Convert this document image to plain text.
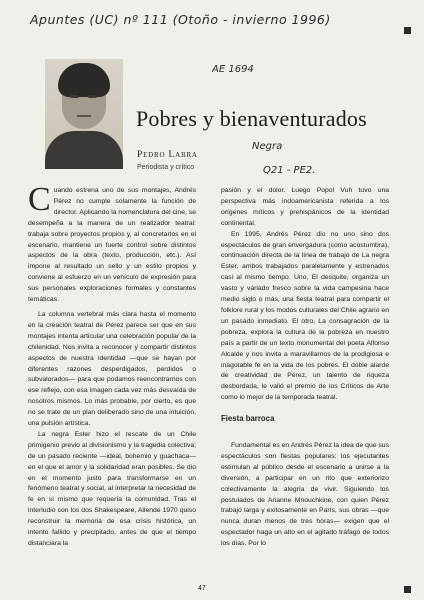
Apuntes (UC) nº 111 (Otoño - invierno 1996)
AE 1694
Pobres y bienaventurados
Pedro Labra
Periodista y crítico
Negra
Q21 - PE2.

Cuando estrena uno de sus montajes, Andrés Pérez no cumple solamente la función de director. Aplicando la nomenclatura del cine, se desempeña a la manera de un realizador teatral: trabaja sobre proyectos propios y, al concretarlos en el escenario, mantiene un fuerte control sobre distintos aspectos de la obra (texto, producción, etc.). Así impone al resultado un sello y un estilo propios y conviene al esfuerzo en un vehículo de expresión para sus personales exploraciones formales y constantes temáticas.

La columna vertebral más clara hasta el momento en la creación teatral de Pérez parece ser que en sus montajes intenta articular una celebración popular de la chilenidad. Nos invita a reconocer y compartir distintos aspectos de nuestra identidad —que se hayan por diferentes razones desperdigados, perdidos o subvalorados— para que podamos reencontrarnos con ese reflejo, con esa imagen cada vez más desvaída de nosotros mismos. Lo más probable, por cierto, es que no se trate de un plan deliberado sino de una intuición, una pulsión artística.

La negra Ester hizo el rescate de un Chile primigenio previo al divisionismo y la tragedia colectiva; de un pasado reciente —ideal, bohemio y guachaca— en el que el amor y la solidaridad eran posibles. Se dio en el momento justo para transformarse en un fenómeno teatral y social, al interpretar la necesidad de fe en sí mismo que requería la comunidad. Tras el interludio con los dos Shakespeare, Allende 1970 quiso reconstruir la memoria de esa crisis histórica, un intento fallido y precipitado, antes de que el tiempo distanciara la

pasión y el dolor. Luego Popol Vuh tuvo una perspectiva más indoamericanista referida a los orígenes míticos y prehispánicos de la identidad continental.

En 1995, Andrés Pérez dio no uno sino dos espectáculos de gran envergadura (como acostumbra), continuación directa de la línea de trabajo de La negra Ester, ambos trabajados paralelamente y estrenados casi al mismo tiempo. Uno, El desquite, organiza un vasto y variado fresco sobre la vida campesina hace medio siglo o más, una fiesta teatral para compartir el folklore rural y los modos culturales del Chile agrario en un pasado inmediato. El otro, La consagración de la pobreza, explora la cultura de la pobreza en nuestro país a partir de un texto monumental del poeta Alfonso Alcalde y nos invita a maravillarnos de la prodigiosa e inagotable fe en la vida de los pobres. El doble alarde de creatividad de Pérez, un talento de riqueza desbordada, le valió el premio de los Críticos de Arte como lo mejor de la temporada teatral.

Fiesta barroca

Fundamental es en Andrés Pérez la idea de que sus espectáculos son fiestas populares: los ejecutantes estimulan al público desde el escenario a unirse a la diversión, a participar en un rito que exteriorizo colectivamente la alegría de vivir. Siguiendo los postulados de Arianne Mnouchkine, con quien Pérez trabajó larga y exitosamente en París, sus obras —que nunca duran menos de tres horas— exigen que el espectador haga un alto en el agitado tráfago de todos los días. Por lo

47
